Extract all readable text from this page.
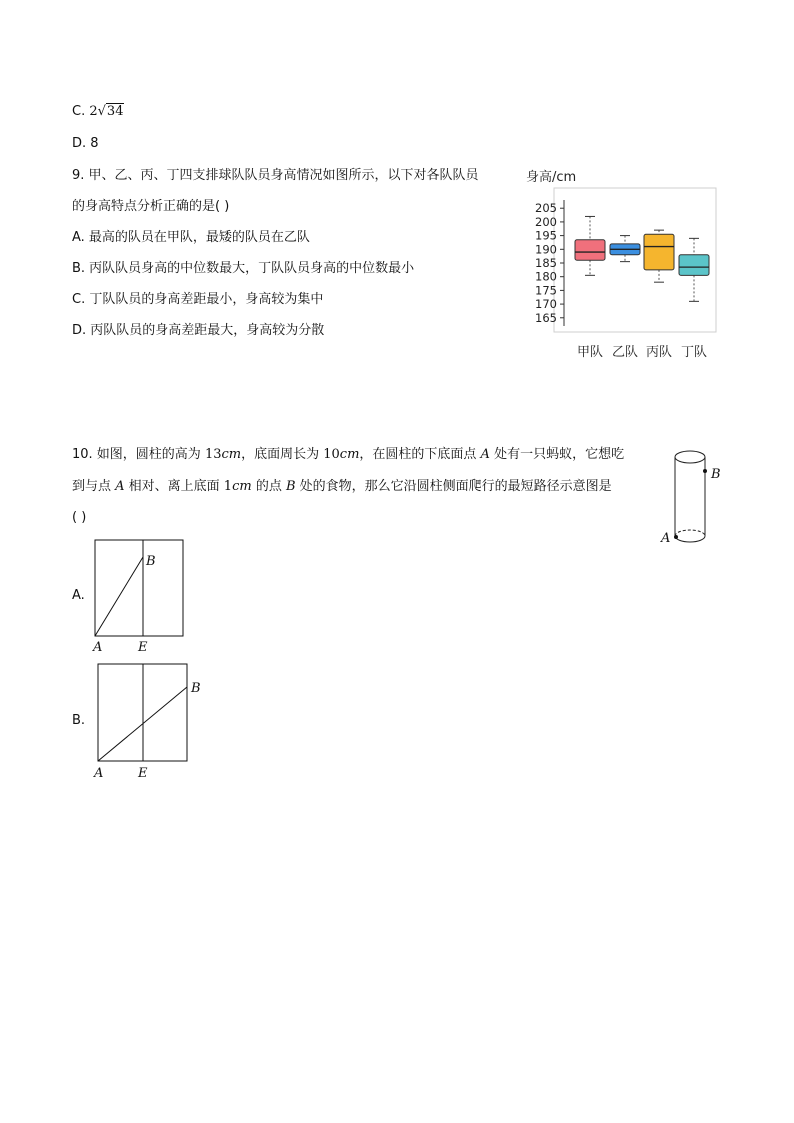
C. 2√34
D. 8
9. 甲、乙、丙、丁四支排球队队员身高情况如图所示，以下对各队队员
的身高特点分析正确的是( )
A. 最高的队员在甲队，最矮的队员在乙队
B. 丙队队员身高的中位数最大，丁队队员身高的中位数最小
C. 丁队队员的身高差距最小，身高较为集中
D. 丙队队员的身高差距最大，身高较为分散
身高/cm
165
170
175
180
185
190
195
200
205
甲队 乙队 丙队 丁队
10. 如图，圆柱的高为 13cm，底面周长为 10cm，在圆柱的下底面点 A 处有一只蚂蚁，它想吃
到与点 A 相对、离上底面 1cm 的点 B 处的食物，那么它沿圆柱侧面爬行的最短路径示意图是
( )
B
A
A.
B
A	E
B.
B
A	E
